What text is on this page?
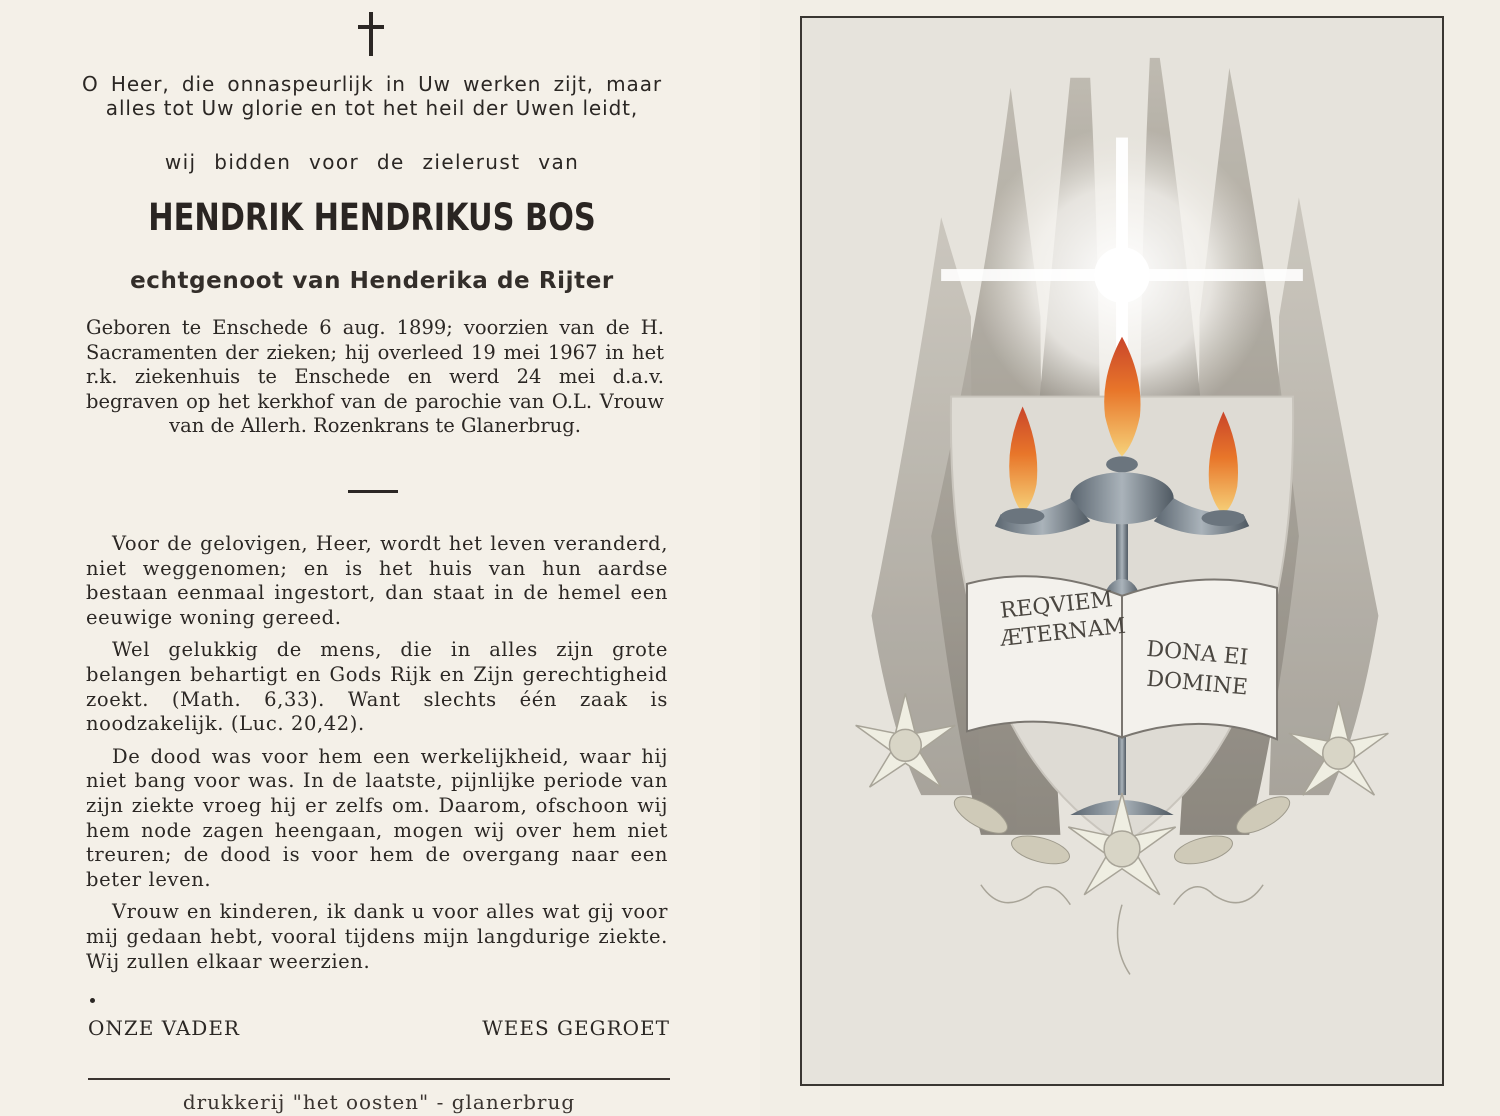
O Heer, die onnaspeurlijk in Uw werken zijt, maar alles tot Uw glorie en tot het heil der Uwen leidt,
wij bidden voor de zielerust van
HENDRIK HENDRIKUS BOS
echtgenoot van Henderika de Rijter
Geboren te Enschede 6 aug. 1899; voorzien van de H. Sacramenten der zieken; hij overleed 19 mei 1967 in het r.k. ziekenhuis te Enschede en werd 24 mei d.a.v. begraven op het kerkhof van de parochie van O.L. Vrouw van de Allerh. Rozenkrans te Glanerbrug.

Voor de gelovigen, Heer, wordt het leven veranderd, niet weggenomen; en is het huis van hun aardse bestaan eenmaal ingestort, dan staat in de hemel een eeuwige woning gereed.

Wel gelukkig de mens, die in alles zijn grote belangen behartigt en Gods Rijk en Zijn gerechtigheid zoekt. (Math. 6,33). Want slechts één zaak is noodzakelijk. (Luc. 20,42).

De dood was voor hem een werkelijkheid, waar hij niet bang voor was. In de laatste, pijnlijke periode van zijn ziekte vroeg hij er zelfs om. Daarom, ofschoon wij hem node zagen heengaan, mogen wij over hem niet treuren; de dood is voor hem de overgang naar een beter leven.

Vrouw en kinderen, ik dank u voor alles wat gij voor mij gedaan hebt, vooral tijdens mijn langdurige ziekte. Wij zullen elkaar weerzien.

ONZE VADER	WEES GEGROET
drukkerij "het oosten" - glanerbrug
REQVIEM
ÆTERNAM
DONA EI
DOMINE
